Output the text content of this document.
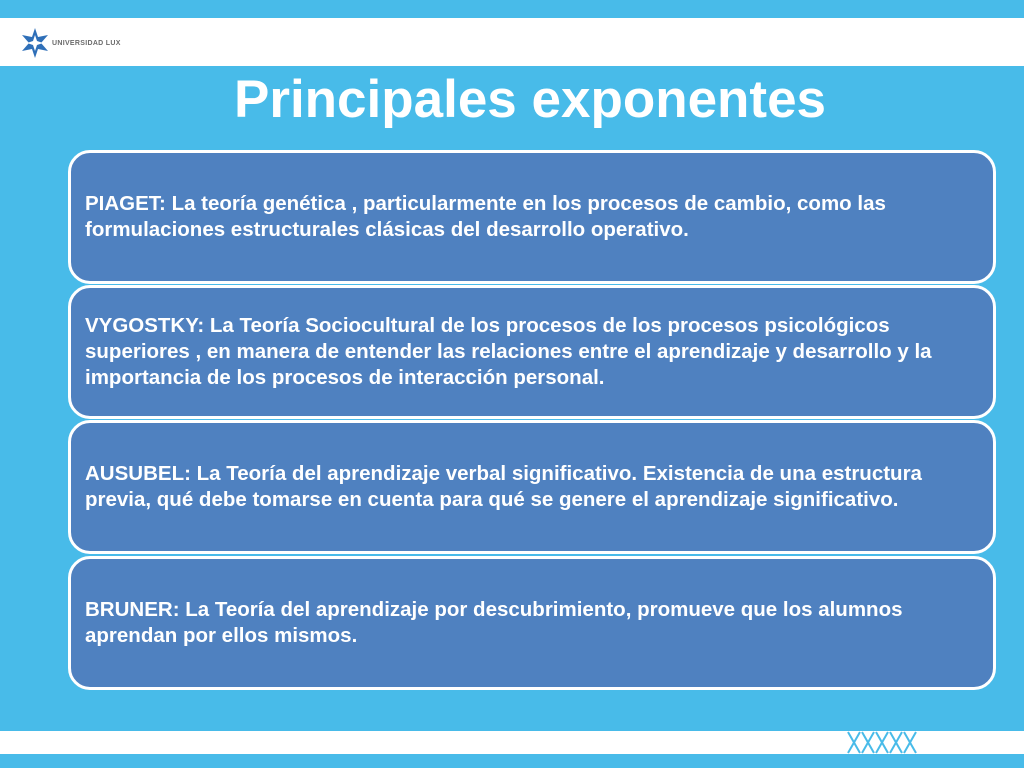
UNIVERSIDAD LUX
Principales exponentes

PIAGET: La teoría genética , particularmente en los procesos de cambio, como las formulaciones estructurales clásicas del desarrollo operativo.

VYGOSTKY: La Teoría Sociocultural de los procesos de los procesos psicológicos superiores , en manera de entender las relaciones entre el aprendizaje y desarrollo y la importancia de los procesos de interacción personal.

AUSUBEL: La Teoría del aprendizaje verbal significativo. Existencia de una estructura previa, qué debe tomarse en cuenta para qué se genere el aprendizaje significativo.

BRUNER: La Teoría del aprendizaje por descubrimiento, promueve que los alumnos aprendan por ellos mismos.
